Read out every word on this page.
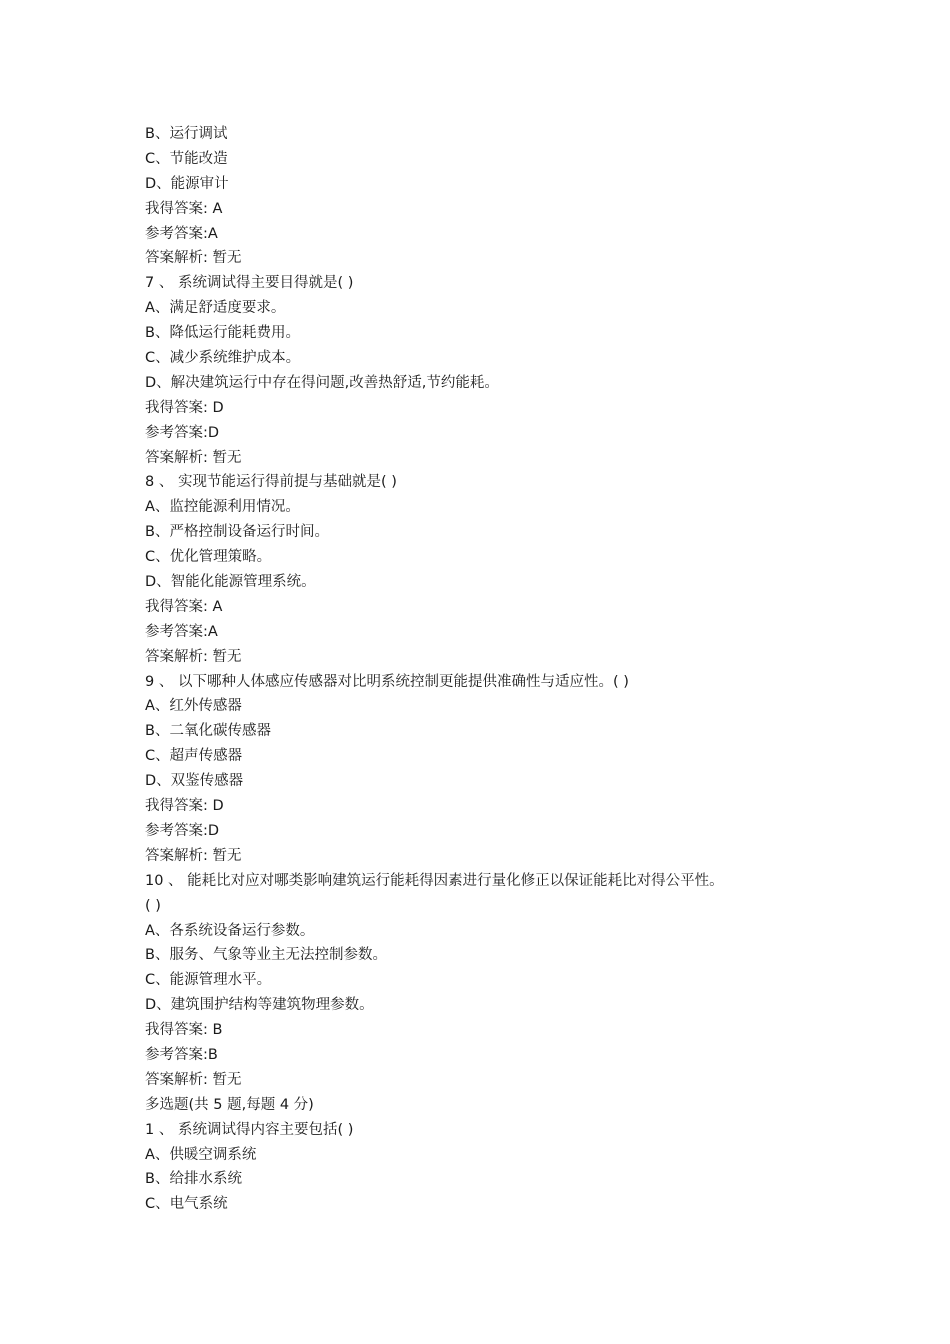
B、运行调试
C、节能改造
D、能源审计
我得答案: A
参考答案:A
答案解析: 暂无
7 、 系统调试得主要目得就是( )
A、满足舒适度要求。
B、降低运行能耗费用。
C、减少系统维护成本。
D、解决建筑运行中存在得问题,改善热舒适,节约能耗。
我得答案: D
参考答案:D
答案解析: 暂无
8 、 实现节能运行得前提与基础就是( )
A、监控能源利用情况。
B、严格控制设备运行时间。
C、优化管理策略。
D、智能化能源管理系统。
我得答案: A
参考答案:A
答案解析: 暂无
9 、 以下哪种人体感应传感器对比明系统控制更能提供准确性与适应性。( )
A、红外传感器
B、二氧化碳传感器
C、超声传感器
D、双鉴传感器
我得答案: D
参考答案:D
答案解析: 暂无
10 、 能耗比对应对哪类影响建筑运行能耗得因素进行量化修正以保证能耗比对得公平性。
( )
A、各系统设备运行参数。
B、服务、气象等业主无法控制参数。
C、能源管理水平。
D、建筑围护结构等建筑物理参数。
我得答案: B
参考答案:B
答案解析: 暂无
多选题(共 5 题,每题 4 分)
1 、 系统调试得内容主要包括( )
A、供暖空调系统
B、给排水系统
C、电气系统
